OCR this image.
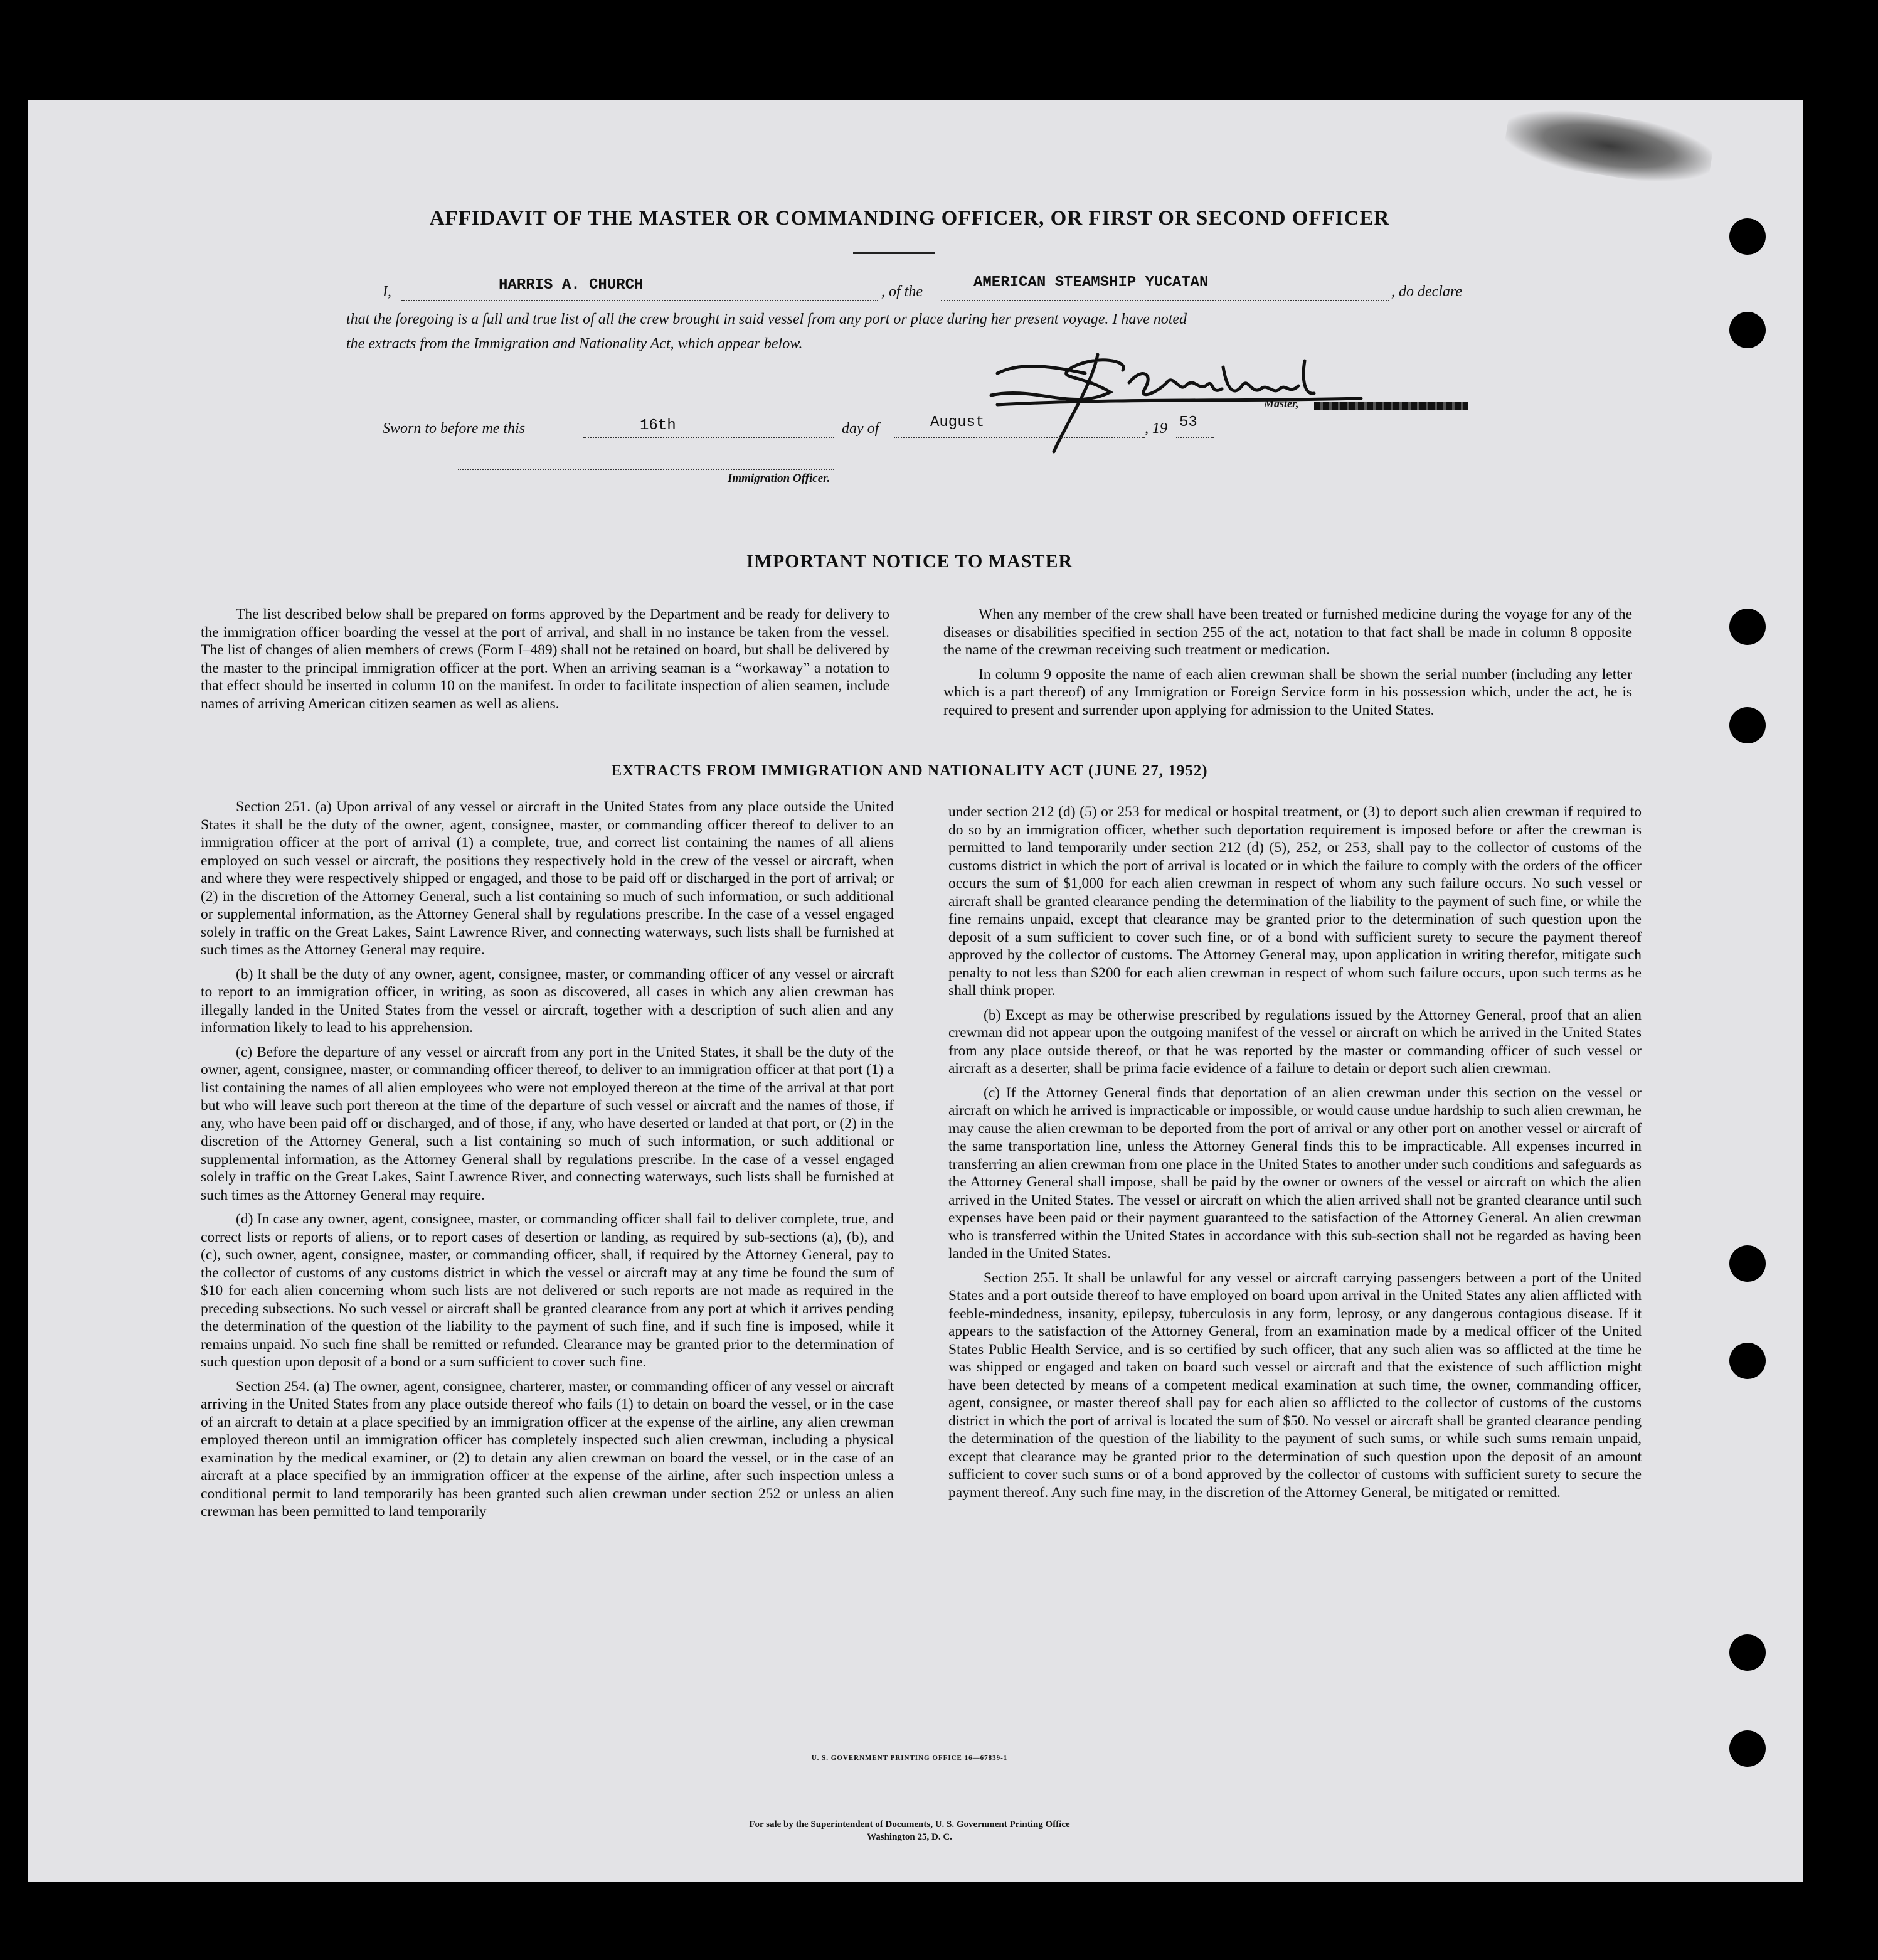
AFFIDAVIT OF THE MASTER OR COMMANDING OFFICER, OR FIRST OR SECOND OFFICER
I,	HARRIS A. CHURCH	, of the
AMERICAN STEAMSHIP YUCATAN
, do declare
that the foregoing is a full and true list of all the crew brought in said vessel from any port or place during her present voyage. I have noted
the extracts from the Immigration and Nationality Act, which appear below.
Master,
Sworn to before me this	16th	day of	August	, 19 53
Immigration Officer.
IMPORTANT NOTICE TO MASTER

The list described below shall be prepared on forms approved by the Department and be ready for delivery to the immigration officer boarding the vessel at the port of arrival, and shall in no instance be taken from the vessel. The list of changes of alien members of crews (Form I–489) shall not be retained on board, but shall be delivered by the master to the principal immigration officer at the port. When an arriving seaman is a “workaway” a notation to that effect should be inserted in column 10 on the manifest. In order to facilitate inspection of alien seamen, include names of arriving American citizen seamen as well as aliens.

When any member of the crew shall have been treated or furnished medicine during the voyage for any of the diseases or disabilities specified in section 255 of the act, notation to that fact shall be made in column 8 opposite the name of the crewman receiving such treatment or medication.

In column 9 opposite the name of each alien crewman shall be shown the serial number (including any letter which is a part thereof) of any Immigration or Foreign Service form in his possession which, under the act, he is required to present and surrender upon applying for admission to the United States.

EXTRACTS FROM IMMIGRATION AND NATIONALITY ACT (JUNE 27, 1952)

Section 251. (a) Upon arrival of any vessel or aircraft in the United States from any place outside the United States it shall be the duty of the owner, agent, consignee, master, or commanding officer thereof to deliver to an immigration officer at the port of arrival (1) a complete, true, and correct list containing the names of all aliens employed on such vessel or aircraft, the positions they respectively hold in the crew of the vessel or aircraft, when and where they were respectively shipped or engaged, and those to be paid off or discharged in the port of arrival; or (2) in the discretion of the Attorney General, such a list containing so much of such information, or such additional or supplemental information, as the Attorney General shall by regulations prescribe. In the case of a vessel engaged solely in traffic on the Great Lakes, Saint Lawrence River, and connecting waterways, such lists shall be furnished at such times as the Attorney General may require.

(b) It shall be the duty of any owner, agent, consignee, master, or commanding officer of any vessel or aircraft to report to an immigration officer, in writing, as soon as discovered, all cases in which any alien crewman has illegally landed in the United States from the vessel or aircraft, together with a description of such alien and any information likely to lead to his apprehension.

(c) Before the departure of any vessel or aircraft from any port in the United States, it shall be the duty of the owner, agent, consignee, master, or commanding officer thereof, to deliver to an immigration officer at that port (1) a list containing the names of all alien employees who were not employed thereon at the time of the arrival at that port but who will leave such port thereon at the time of the departure of such vessel or aircraft and the names of those, if any, who have been paid off or discharged, and of those, if any, who have deserted or landed at that port, or (2) in the discretion of the Attorney General, such a list containing so much of such information, or such additional or supplemental information, as the Attorney General shall by regulations prescribe. In the case of a vessel engaged solely in traffic on the Great Lakes, Saint Lawrence River, and connecting waterways, such lists shall be furnished at such times as the Attorney General may require.

(d) In case any owner, agent, consignee, master, or commanding officer shall fail to deliver complete, true, and correct lists or reports of aliens, or to report cases of desertion or landing, as required by sub-sections (a), (b), and (c), such owner, agent, consignee, master, or commanding officer, shall, if required by the Attorney General, pay to the collector of customs of any customs district in which the vessel or aircraft may at any time be found the sum of $10 for each alien concerning whom such lists are not delivered or such reports are not made as required in the preceding subsections. No such vessel or aircraft shall be granted clearance from any port at which it arrives pending the determination of the question of the liability to the payment of such fine, and if such fine is imposed, while it remains unpaid. No such fine shall be remitted or refunded. Clearance may be granted prior to the determination of such question upon deposit of a bond or a sum sufficient to cover such fine.

Section 254. (a) The owner, agent, consignee, charterer, master, or commanding officer of any vessel or aircraft arriving in the United States from any place outside thereof who fails (1) to detain on board the vessel, or in the case of an aircraft to detain at a place specified by an immigration officer at the expense of the airline, any alien crewman employed thereon until an immigration officer has completely inspected such alien crewman, including a physical examination by the medical examiner, or (2) to detain any alien crewman on board the vessel, or in the case of an aircraft at a place specified by an immigration officer at the expense of the airline, after such inspection unless a conditional permit to land temporarily has been granted such alien crewman under section 252 or unless an alien crewman has been permitted to land temporarily

under section 212 (d) (5) or 253 for medical or hospital treatment, or (3) to deport such alien crewman if required to do so by an immigration officer, whether such deportation requirement is imposed before or after the crewman is permitted to land temporarily under section 212 (d) (5), 252, or 253, shall pay to the collector of customs of the customs district in which the port of arrival is located or in which the failure to comply with the orders of the officer occurs the sum of $1,000 for each alien crewman in respect of whom any such failure occurs. No such vessel or aircraft shall be granted clearance pending the determination of the liability to the payment of such fine, or while the fine remains unpaid, except that clearance may be granted prior to the determination of such question upon the deposit of a sum sufficient to cover such fine, or of a bond with sufficient surety to secure the payment thereof approved by the collector of customs. The Attorney General may, upon application in writing therefor, mitigate such penalty to not less than $200 for each alien crewman in respect of whom such failure occurs, upon such terms as he shall think proper.

(b) Except as may be otherwise prescribed by regulations issued by the Attorney General, proof that an alien crewman did not appear upon the outgoing manifest of the vessel or aircraft on which he arrived in the United States from any place outside thereof, or that he was reported by the master or commanding officer of such vessel or aircraft as a deserter, shall be prima facie evidence of a failure to detain or deport such alien crewman.

(c) If the Attorney General finds that deportation of an alien crewman under this section on the vessel or aircraft on which he arrived is impracticable or impossible, or would cause undue hardship to such alien crewman, he may cause the alien crewman to be deported from the port of arrival or any other port on another vessel or aircraft of the same transportation line, unless the Attorney General finds this to be impracticable. All expenses incurred in transferring an alien crewman from one place in the United States to another under such conditions and safeguards as the Attorney General shall impose, shall be paid by the owner or owners of the vessel or aircraft on which the alien arrived in the United States. The vessel or aircraft on which the alien arrived shall not be granted clearance until such expenses have been paid or their payment guaranteed to the satisfaction of the Attorney General. An alien crewman who is transferred within the United States in accordance with this sub-section shall not be regarded as having been landed in the United States.

Section 255. It shall be unlawful for any vessel or aircraft carrying passengers between a port of the United States and a port outside thereof to have employed on board upon arrival in the United States any alien afflicted with feeble-mindedness, insanity, epilepsy, tuberculosis in any form, leprosy, or any dangerous contagious disease. If it appears to the satisfaction of the Attorney General, from an examination made by a medical officer of the United States Public Health Service, and is so certified by such officer, that any such alien was so afflicted at the time he was shipped or engaged and taken on board such vessel or aircraft and that the existence of such affliction might have been detected by means of a competent medical examination at such time, the owner, commanding officer, agent, consignee, or master thereof shall pay for each alien so afflicted to the collector of customs of the customs district in which the port of arrival is located the sum of $50. No vessel or aircraft shall be granted clearance pending the determination of the question of the liability to the payment of such sums, or while such sums remain unpaid, except that clearance may be granted prior to the determination of such question upon the deposit of an amount sufficient to cover such sums or of a bond approved by the collector of customs with sufficient surety to secure the payment thereof. Any such fine may, in the discretion of the Attorney General, be mitigated or remitted.

U. S. GOVERNMENT PRINTING OFFICE 16—67839-1
For sale by the Superintendent of Documents, U. S. Government Printing Office
Washington 25, D. C.
